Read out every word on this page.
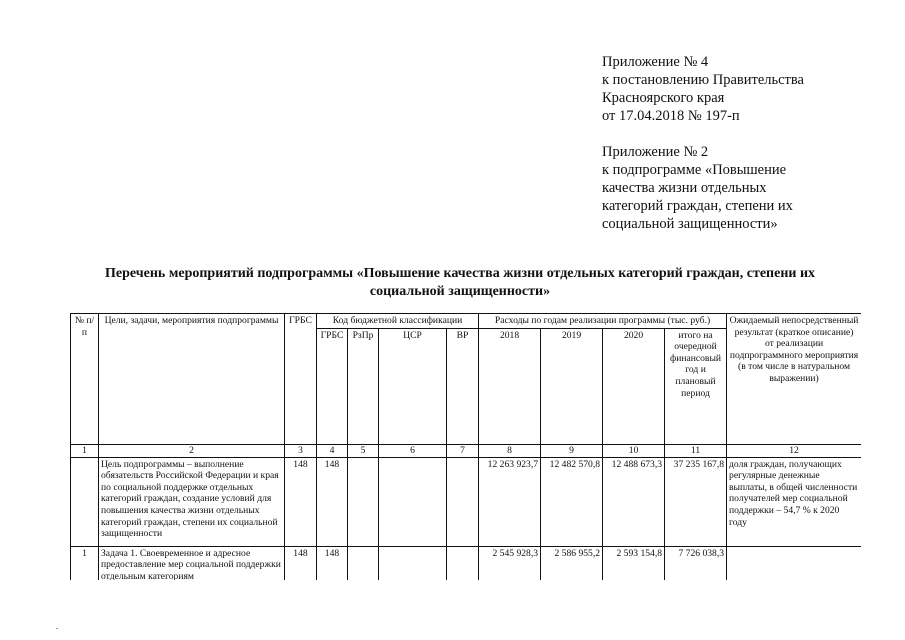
Приложение № 4
к постановлению Правительства
Красноярского края
от 17.04.2018 № 197-п
Приложение № 2
к подпрограмме «Повышение
качества жизни отдельных
категорий граждан, степени их
социальной защищенности»
Перечень мероприятий подпрограммы «Повышение качества жизни отдельных категорий граждан, степени их
социальной защищенности»
№ п/п	Цели, задачи, мероприятия подпрограммы	ГРБС	Код бюджетной классификации				Расходы по годам реализации программы (тыс. руб.)				Ожидаемый непосредственный результат (краткое описание) от реализации подпрограммного мероприятия (в том числе в натуральном выражении)
			ГРБС	РзПр	ЦСР	ВР	2018	2019	2020	итого на очередной финансовый год и плановый период	
1	2	3	4	5	6	7	8	9	10	11	12
	Цель подпрограммы – выполнение обязательств Российской Федерации и края по социальной поддержке отдельных категорий граждан, создание условий для повышения качества жизни отдельных категорий граждан, степени их социальной защищенности	148	148				12 263 923,7	12 482 570,8	12 488 673,3	37 235 167,8	доля граждан, получающих регулярные денежные выплаты, в общей численности получателей мер социальной поддержки – 54,7 % к 2020 году
1	Задача 1. Своевременное и адресное предоставление мер социальной поддержки отдельным категориям	148	148				2 545 928,3	2 586 955,2	2 593 154,8	7 726 038,3	
